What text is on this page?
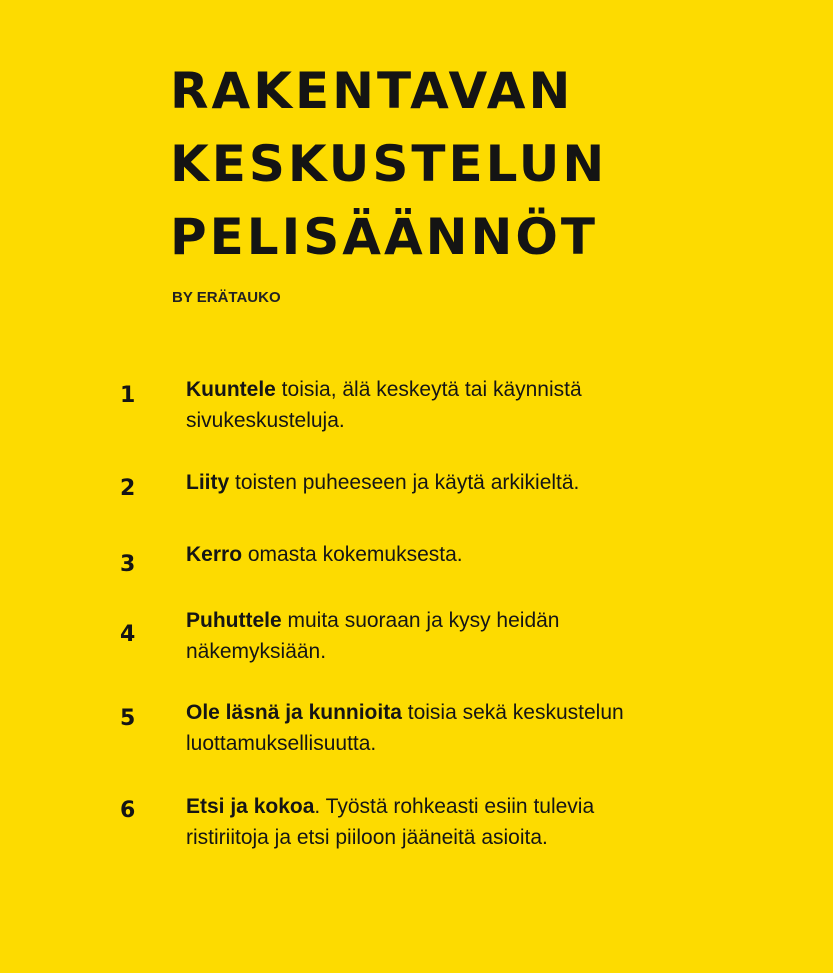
RAKENTAVAN
KESKUSTELUN
PELISÄÄNNÖT
BY ERÄTAUKO
1	Kuuntele toisia, älä keskeytä tai käynnistä sivukeskusteluja.
2	Liity toisten puheeseen ja käytä arkikieltä.
3	Kerro omasta kokemuksesta.
4
Puhuttele muita suoraan ja kysy heidän näkemyksiään.
5	Ole läsnä ja kunnioita toisia sekä keskustelun luottamuksellisuutta.
6	Etsi ja kokoa. Työstä rohkeasti esiin tulevia ristiriitoja ja etsi piiloon jääneitä asioita.
